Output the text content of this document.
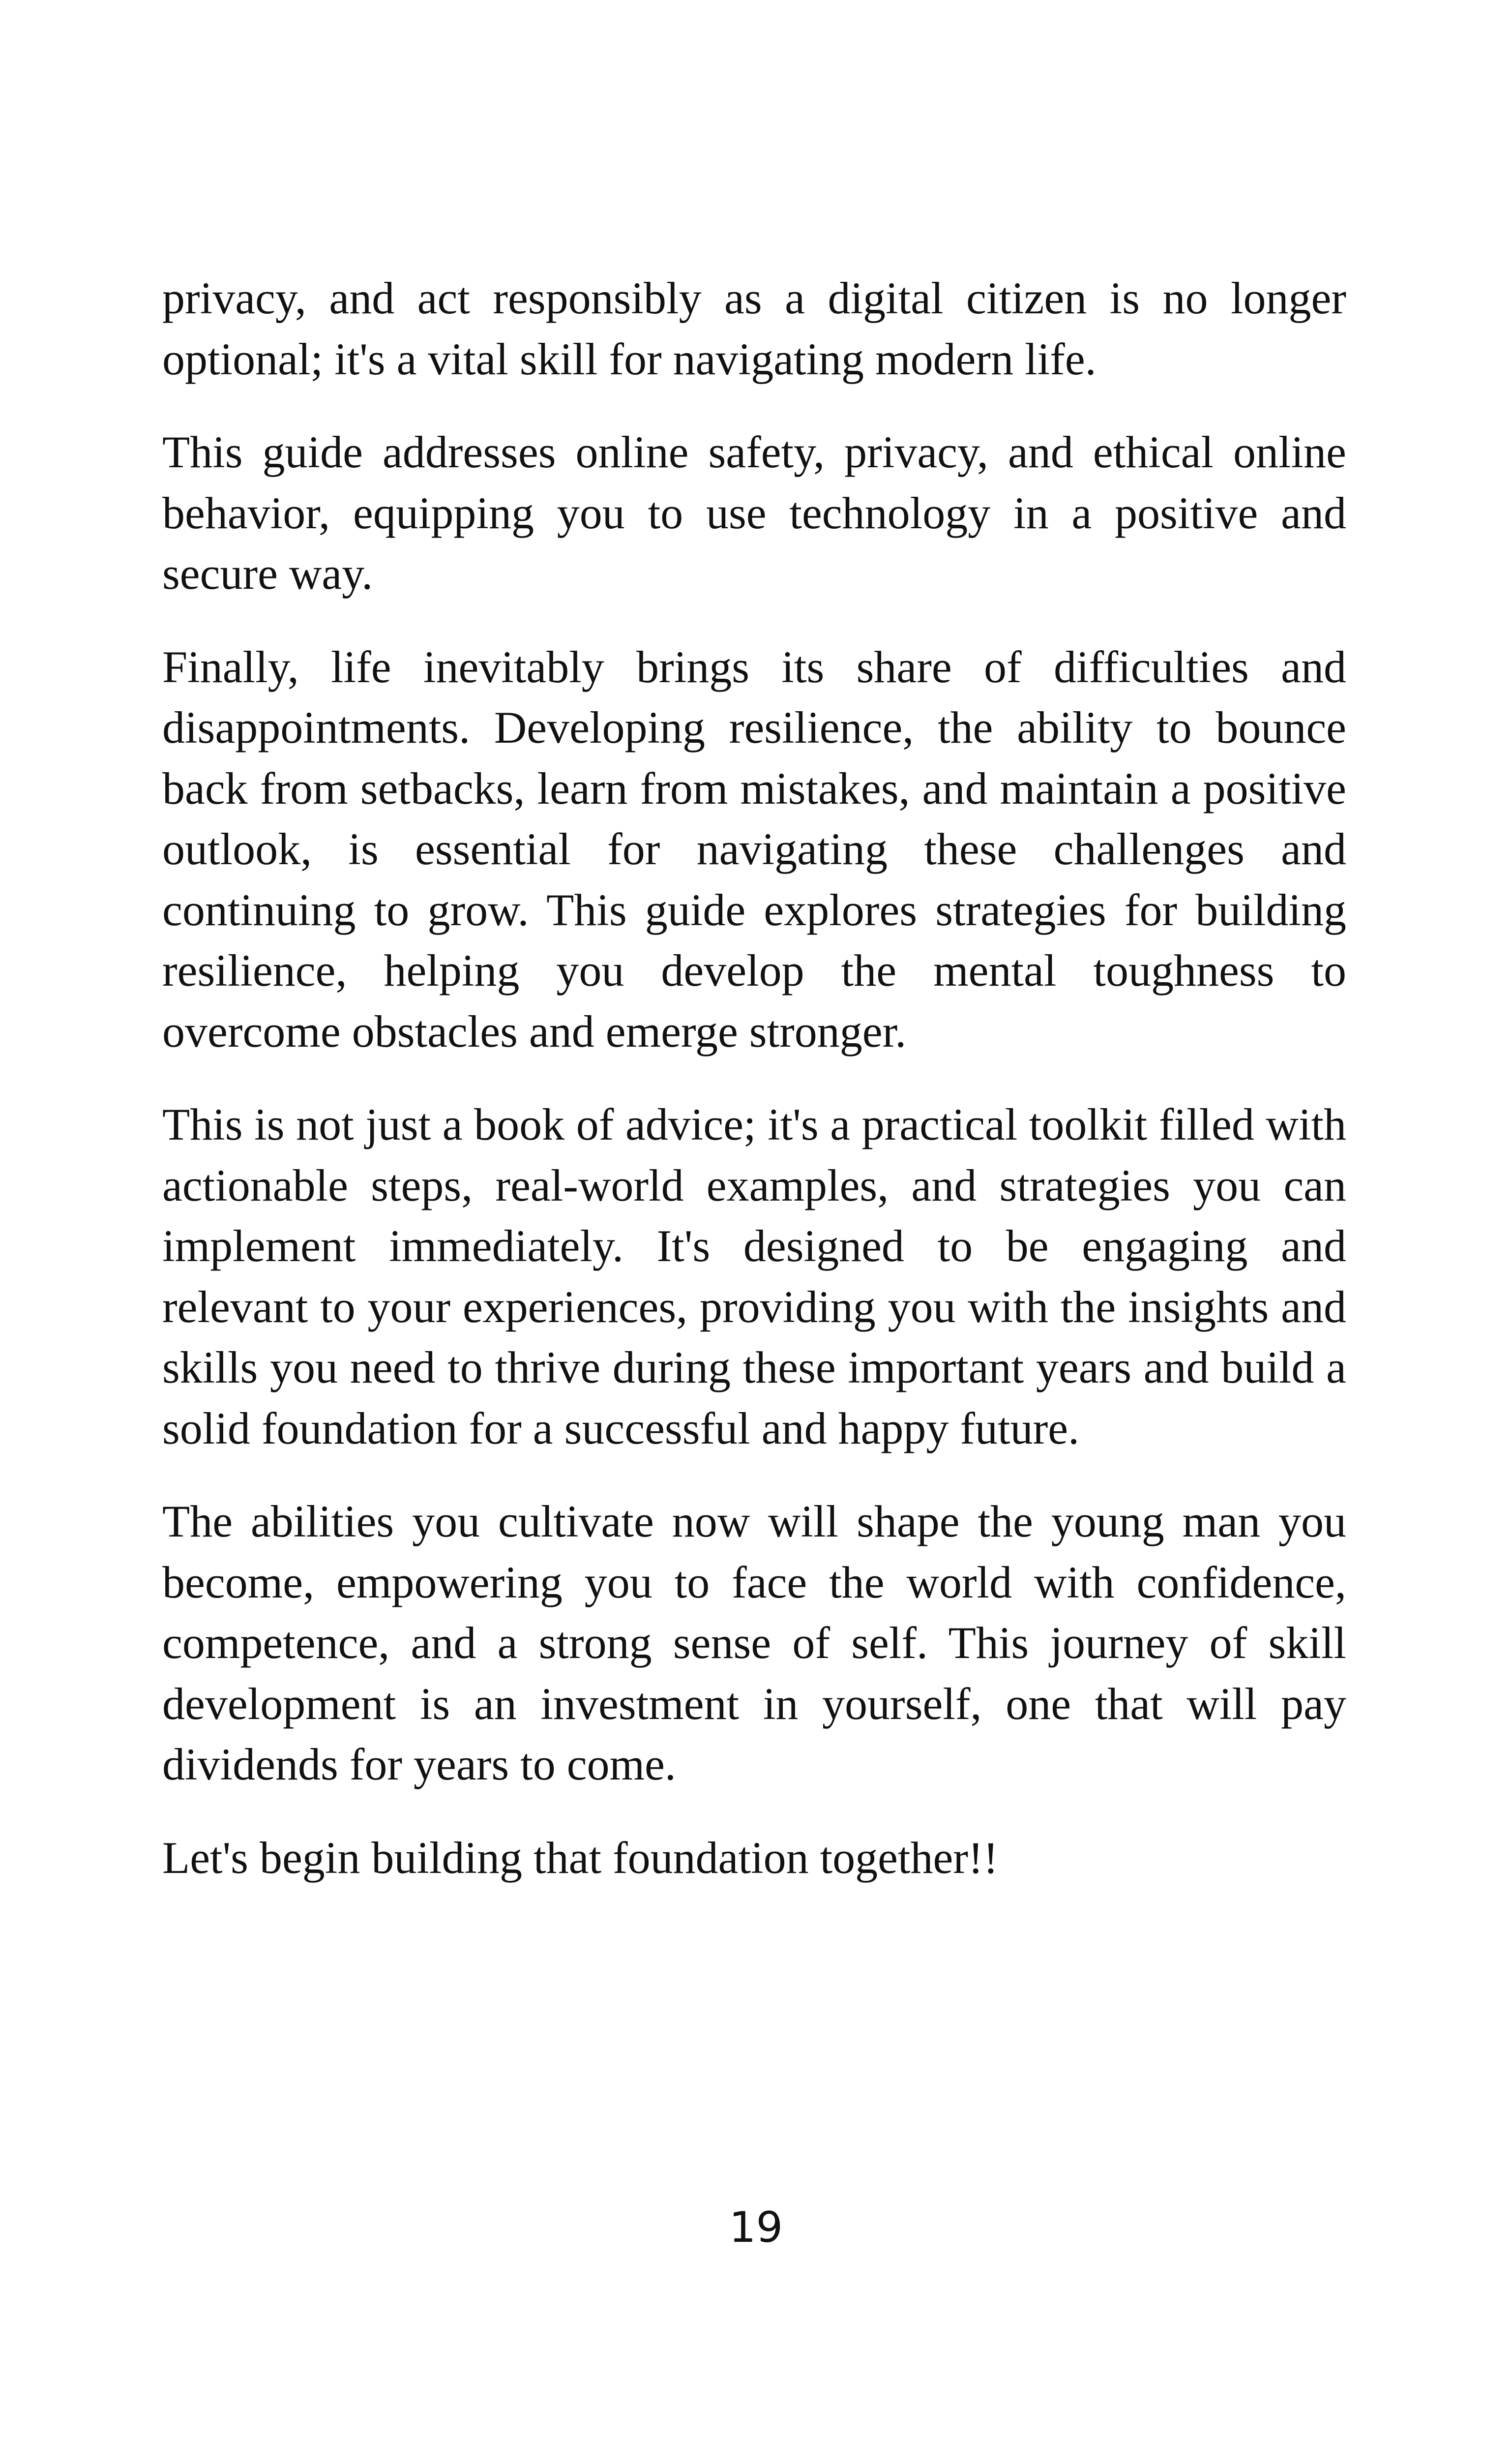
privacy, and act responsibly as a digital citizen is no longer optional; it's a vital skill for navigating modern life.

This guide addresses online safety, privacy, and ethical online behavior, equipping you to use technology in a positive and secure way.

Finally, life inevitably brings its share of difficulties and disappointments. Developing resilience, the ability to bounce back from setbacks, learn from mistakes, and maintain a positive outlook, is essential for navigating these challenges and continuing to grow. This guide explores strategies for building resilience, helping you develop the mental toughness to overcome obstacles and emerge stronger.

This is not just a book of advice; it's a practical toolkit filled with actionable steps, real-world examples, and strategies you can implement immediately. It's designed to be engaging and relevant to your experiences, providing you with the insights and skills you need to thrive during these important years and build a solid foundation for a successful and happy future.

The abilities you cultivate now will shape the young man you become, empowering you to face the world with confidence, competence, and a strong sense of self. This journey of skill development is an investment in yourself, one that will pay dividends for years to come.

Let's begin building that foundation together!!

19
